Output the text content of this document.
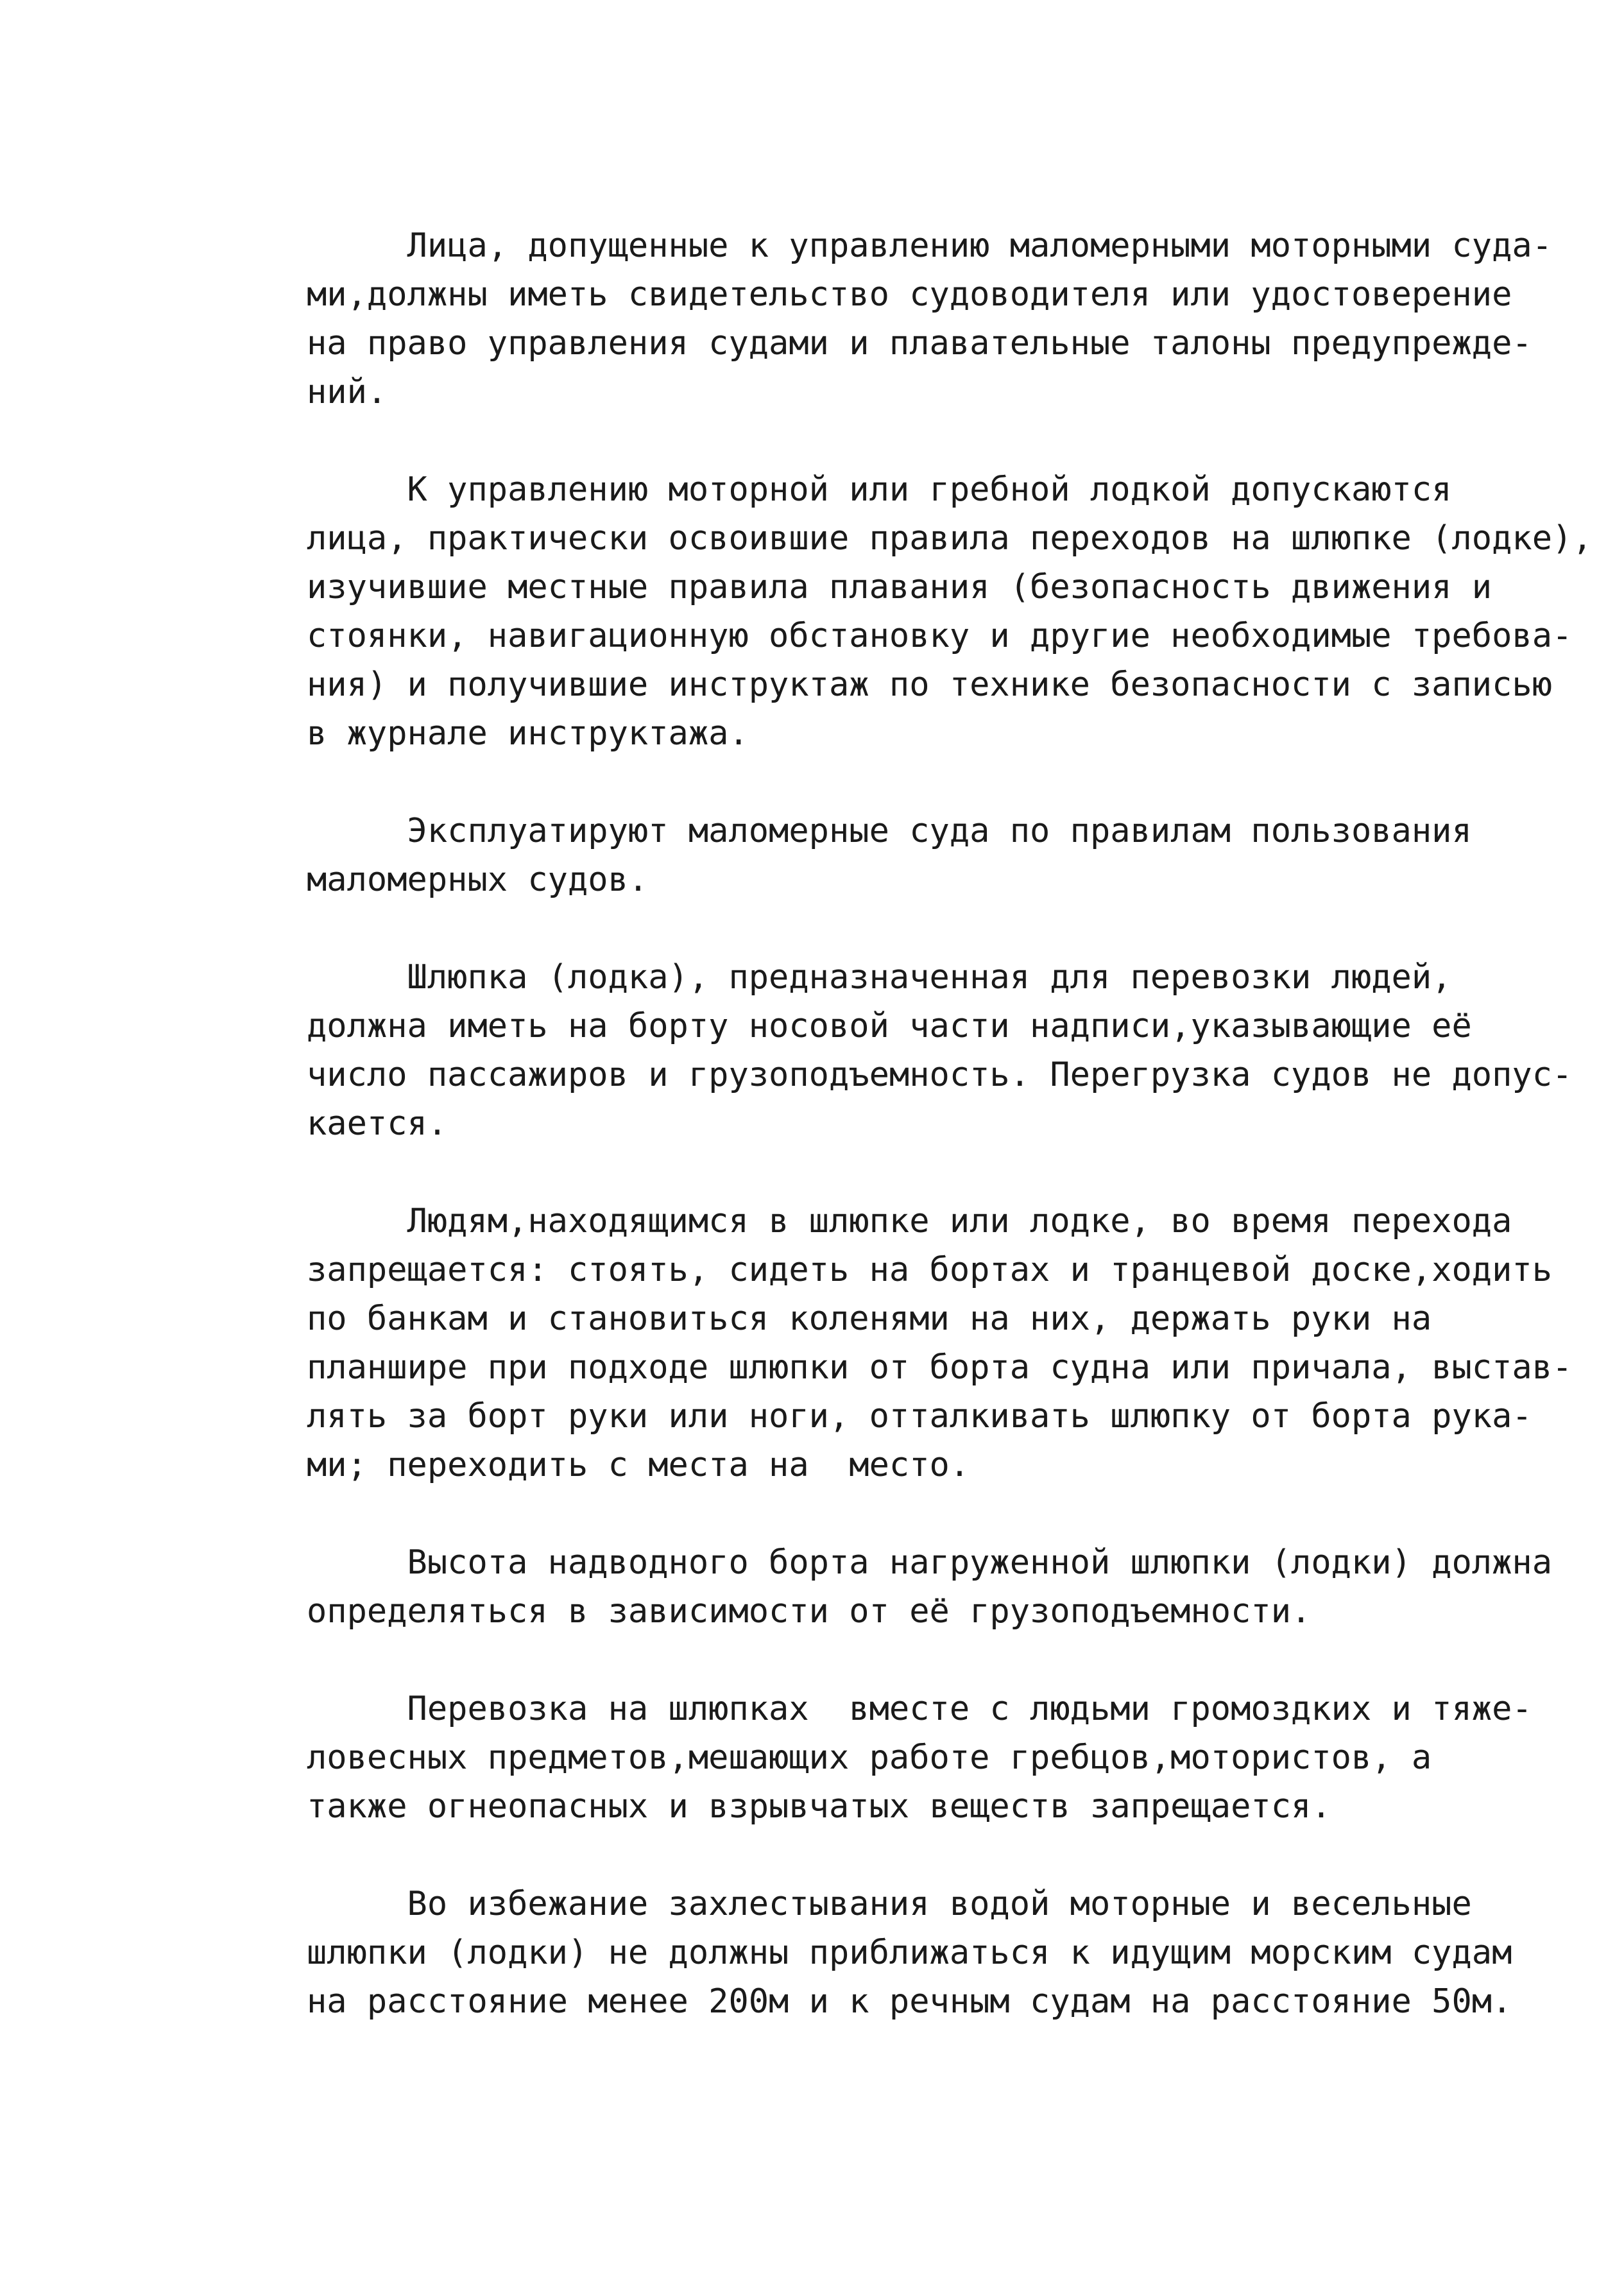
Лица, допущенные к управлению маломерными моторными суда-
ми,должны иметь свидетельство судоводителя или удостоверение
на право управления судами и плавательные талоны предупрежде-
ний.
К управлению моторной или гребной лодкой допускаются
лица, практически освоившие правила переходов на шлюпке (лодке),
изучившие местные правила плавания (безопасность движения и
стоянки, навигационную обстановку и другие необходимые требова-
ния) и получившие инструктаж по технике безопасности с записью
в журнале инструктажа.
Эксплуатируют маломерные суда по правилам пользования
маломерных судов.
Шлюпка (лодка), предназначенная для перевозки людей,
должна иметь на борту носовой части надписи,указывающие её
число пассажиров и грузоподъемность. Перегрузка судов не допус-
кается.
Людям,находящимся в шлюпке или лодке, во время перехода
запрещается: стоять, сидеть на бортах и транцевой доске,ходить
по банкам и становиться коленями на них, держать руки на
планшире при подходе шлюпки от борта судна или причала, выстав-
лять за борт руки или ноги, отталкивать шлюпку от борта рука-
ми; переходить с места на  место.
Высота надводного борта нагруженной шлюпки (лодки) должна
определяться в зависимости от её грузоподъемности.
Перевозка на шлюпках  вместе с людьми громоздких и тяже-
ловесных предметов,мешающих работе гребцов,мотористов, а
также огнеопасных и взрывчатых веществ запрещается.
Во избежание захлестывания водой моторные и весельные
шлюпки (лодки) не должны приближаться к идущим морским судам
на расстояние менее 200м и к речным судам на расстояние 50м.
